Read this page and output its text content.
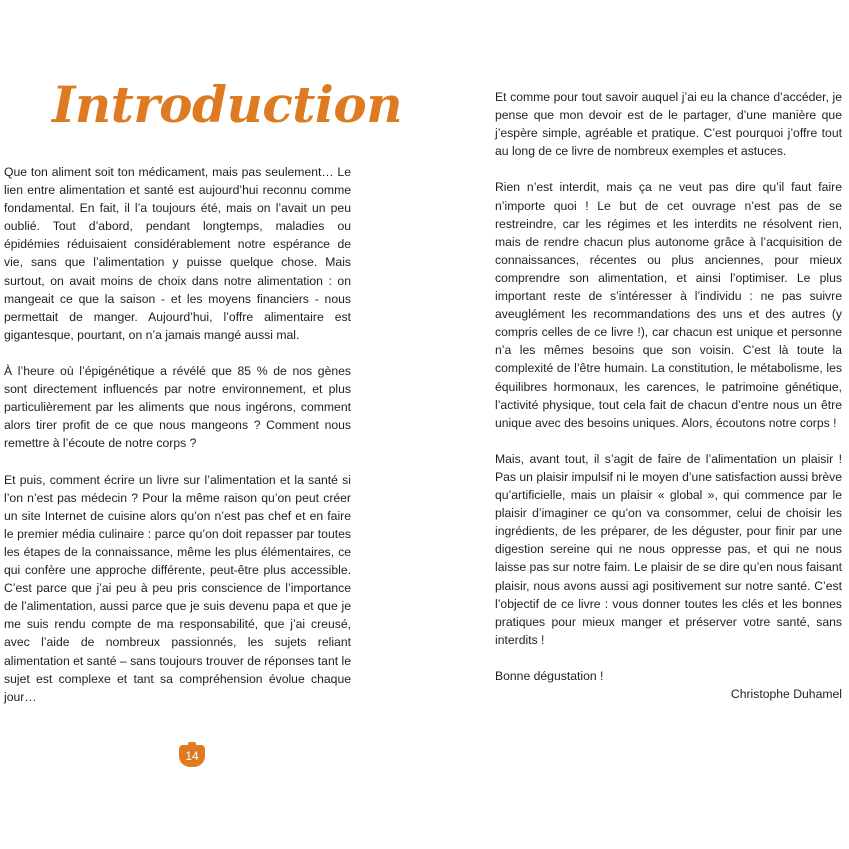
Introduction

Que ton aliment soit ton médicament, mais pas seulement… Le lien entre alimentation et santé est aujourd’hui reconnu comme fondamental. En fait, il l’a toujours été, mais on l’avait un peu oublié. Tout d’abord, pendant longtemps, maladies ou épidémies réduisaient considérablement notre espérance de vie, sans que l’alimentation y puisse quelque chose. Mais surtout, on avait moins de choix dans notre alimentation : on mangeait ce que la saison - et les moyens financiers - nous permettait de manger. Aujourd’hui, l’offre alimentaire est gigantesque, pourtant, on n’a jamais mangé aussi mal.

À l’heure où l’épigénétique a révélé que 85 % de nos gènes sont directement influencés par notre environnement, et plus particulièrement par les aliments que nous ingérons, comment alors tirer profit de ce que nous mangeons ? Comment nous remettre à l’écoute de notre corps ?

Et puis, comment écrire un livre sur l’alimentation et la santé si l’on n’est pas médecin ? Pour la même raison qu’on peut créer un site Internet de cuisine alors qu’on n’est pas chef et en faire le premier média culinaire : parce qu’on doit repasser par toutes les étapes de la connaissance, même les plus élémentaires, ce qui confère une approche différente, peut-être plus accessible. C’est parce que j’ai peu à peu pris conscience de l’importance de l’alimentation, aussi parce que je suis devenu papa et que je me suis rendu compte de ma responsabilité, que j’ai creusé, avec l’aide de nombreux passionnés, les sujets reliant alimentation et santé – sans toujours trouver de réponses tant le sujet est complexe et tant sa compréhension évolue chaque jour…

14

Et comme pour tout savoir auquel j’ai eu la chance d’accéder, je pense que mon devoir est de le partager, d’une manière que j’espère simple, agréable et pratique. C’est pourquoi j’offre tout au long de ce livre de nombreux exemples et astuces.

Rien n’est interdit, mais ça ne veut pas dire qu’il faut faire n’importe quoi ! Le but de cet ouvrage n’est pas de se restreindre, car les régimes et les interdits ne résolvent rien, mais de rendre chacun plus autonome grâce à l’acquisition de connaissances, récentes ou plus anciennes, pour mieux comprendre son alimentation, et ainsi l’optimiser. Le plus important reste de s’intéresser à l’individu : ne pas suivre aveuglément les recommandations des uns et des autres (y compris celles de ce livre !), car chacun est unique et personne n’a les mêmes besoins que son voisin. C’est là toute la complexité de l’être humain. La constitution, le métabolisme, les équilibres hormonaux, les carences, le patrimoine génétique, l’activité physique, tout cela fait de chacun d’entre nous un être unique avec des besoins uniques. Alors, écoutons notre corps !

Mais, avant tout, il s’agit de faire de l’alimentation un plaisir ! Pas un plaisir impulsif ni le moyen d’une satisfaction aussi brève qu’artificielle, mais un plaisir « global », qui commence par le plaisir d’imaginer ce qu’on va consommer, celui de choisir les ingrédients, de les préparer, de les déguster, pour finir par une digestion sereine qui ne nous oppresse pas, et qui ne nous laisse pas sur notre faim. Le plaisir de se dire qu’en nous faisant plaisir, nous avons aussi agi positivement sur notre santé. C’est l’objectif de ce livre : vous donner toutes les clés et les bonnes pratiques pour mieux manger et préserver votre santé, sans interdits !

Bonne dégustation !

Christophe Duhamel
